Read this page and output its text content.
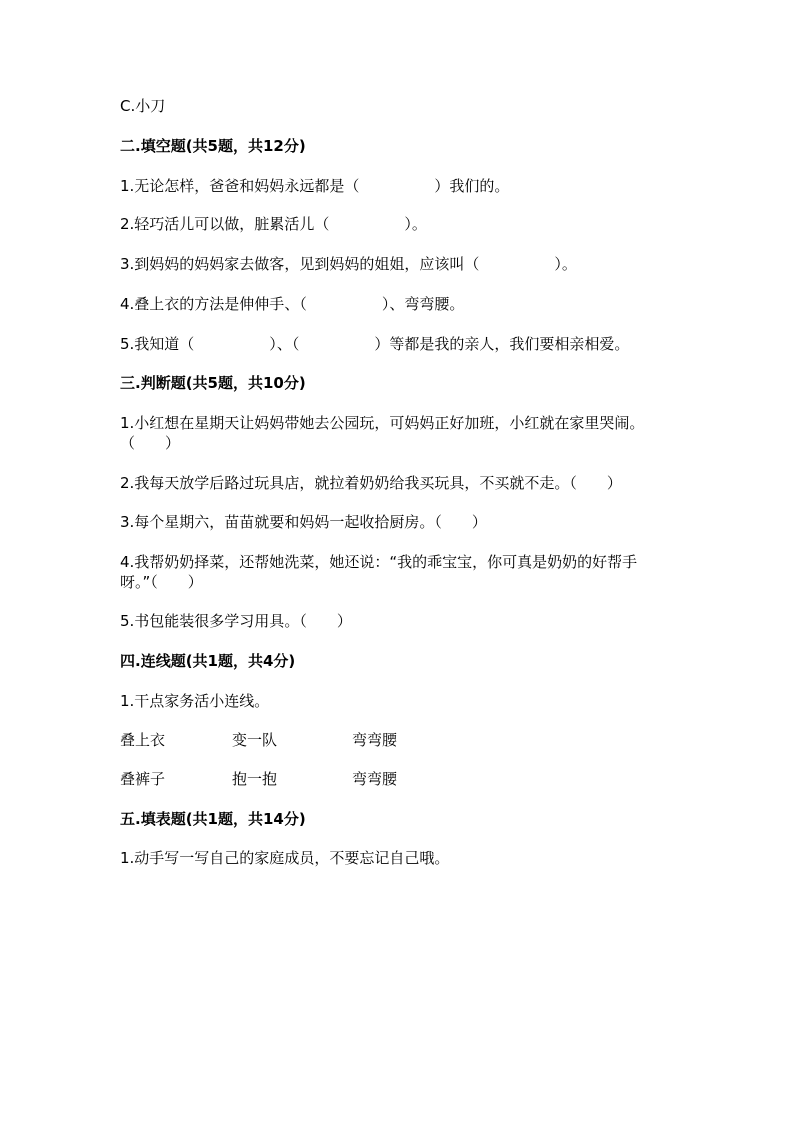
C.小刀
二.填空题(共5题，共12分)
1.无论怎样，爸爸和妈妈永远都是（　　　　　）我们的。
2.轻巧活儿可以做，脏累活儿（　　　　　）。
3.到妈妈的妈妈家去做客，见到妈妈的姐姐，应该叫（　　　　　）。
4.叠上衣的方法是伸伸手、（　　　　　）、弯弯腰。
5.我知道（　　　　　）、（　　　　　）等都是我的亲人，我们要相亲相爱。
三.判断题(共5题，共10分)
1.小红想在星期天让妈妈带她去公园玩，可妈妈正好加班，小红就在家里哭闹。（　　）
2.我每天放学后路过玩具店，就拉着奶奶给我买玩具，不买就不走。（　　）
3.每个星期六，苗苗就要和妈妈一起收拾厨房。（　　）
4.我帮奶奶择菜，还帮她洗菜，她还说：“我的乖宝宝，你可真是奶奶的好帮手呀。”（　　）
5.书包能装很多学习用具。（　　）
四.连线题(共1题，共4分)
1.干点家务活小连线。
叠上衣	变一队	弯弯腰
叠裤子	抱一抱	弯弯腰
五.填表题(共1题，共14分)
1.动手写一写自己的家庭成员，不要忘记自己哦。
